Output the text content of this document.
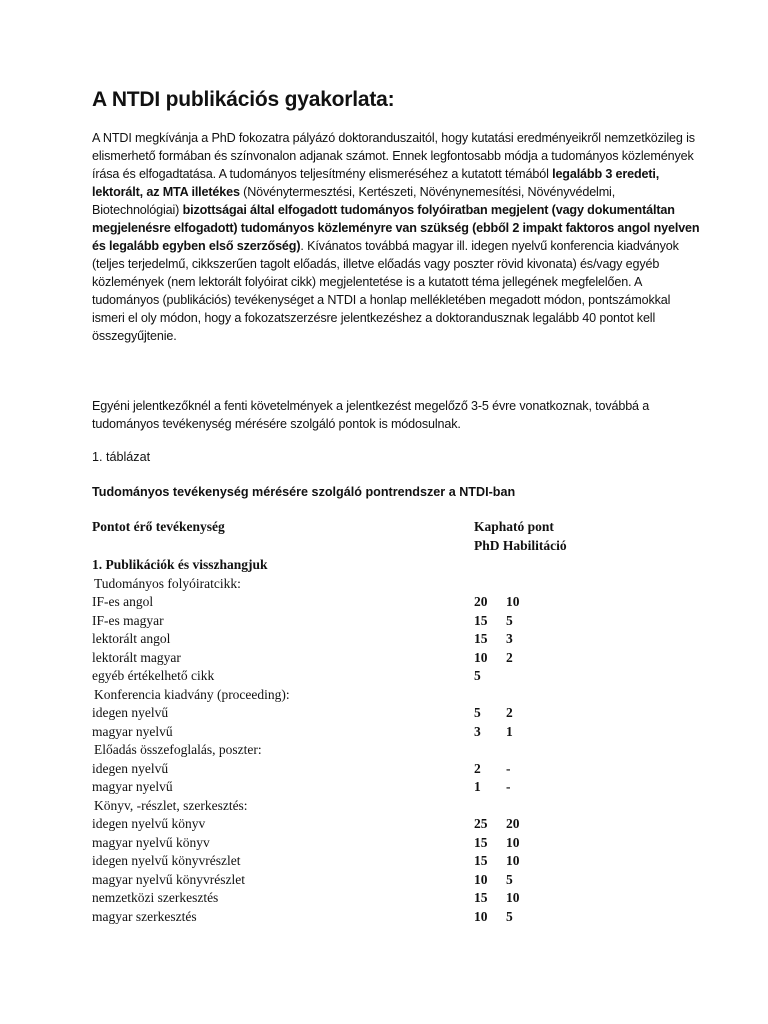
A NTDI publikációs gyakorlata:

A NTDI megkívánja a PhD fokozatra pályázó doktoranduszaitól, hogy kutatási eredményeikről nemzetközileg is elismerhető formában és színvonalon adjanak számot. Ennek legfontosabb módja a tudományos közlemények írása és elfogadtatása. A tudományos teljesítmény elismeréséhez a kutatott témából legalább 3 eredeti, lektorált, az MTA illetékes (Növénytermesztési, Kertészeti, Növénynemesítési, Növényvédelmi, Biotechnológiai) bizottságai által elfogadott tudományos folyóiratban megjelent (vagy dokumentáltan megjelenésre elfogadott) tudományos közleményre van szükség (ebből 2 impakt faktoros angol nyelven és legalább egyben első szerzőség). Kívánatos továbbá magyar ill. idegen nyelvű konferencia kiadványok (teljes terjedelmű, cikkszerűen tagolt előadás, illetve előadás vagy poszter rövid kivonata) és/vagy egyéb közlemények (nem lektorált folyóirat cikk) megjelentetése is a kutatott téma jellegének megfelelően. A tudományos (publikációs) tevékenységet a NTDI a honlap mellékletében megadott módon, pontszámokkal ismeri el oly módon, hogy a fokozatszerzésre jelentkezéshez a doktorandusznak legalább 40 pontot kell összegyűjtenie.

Egyéni jelentkezőknél a fenti követelmények a jelentkezést megelőző 3-5 évre vonatkoznak, továbbá a tudományos tevékenység mérésére szolgáló pontok is módosulnak.

1. táblázat
Tudományos tevékenység mérésére szolgáló pontrendszer a NTDI-ban
Pontot érő tevékenység	Kapható pont
PhD Habilitáció
1. Publikációk és visszhangjuk
Tudományos folyóiratcikk:
IF-es angol	20 10
IF-es magyar	15 5
lektorált angol	15 3
lektorált magyar	10 2
egyéb értékelhető cikk	5
Konferencia kiadvány (proceeding):
idegen nyelvű	5 2
magyar nyelvű	3 1
Előadás összefoglalás, poszter:
idegen nyelvű	2 -
magyar nyelvű	1 -
Könyv, -részlet, szerkesztés:
idegen nyelvű könyv	25 20
magyar nyelvű könyv	15 10
idegen nyelvű könyvrészlet	15 10
magyar nyelvű könyvrészlet	10 5
nemzetközi szerkesztés	15 10
magyar szerkesztés	10 5
